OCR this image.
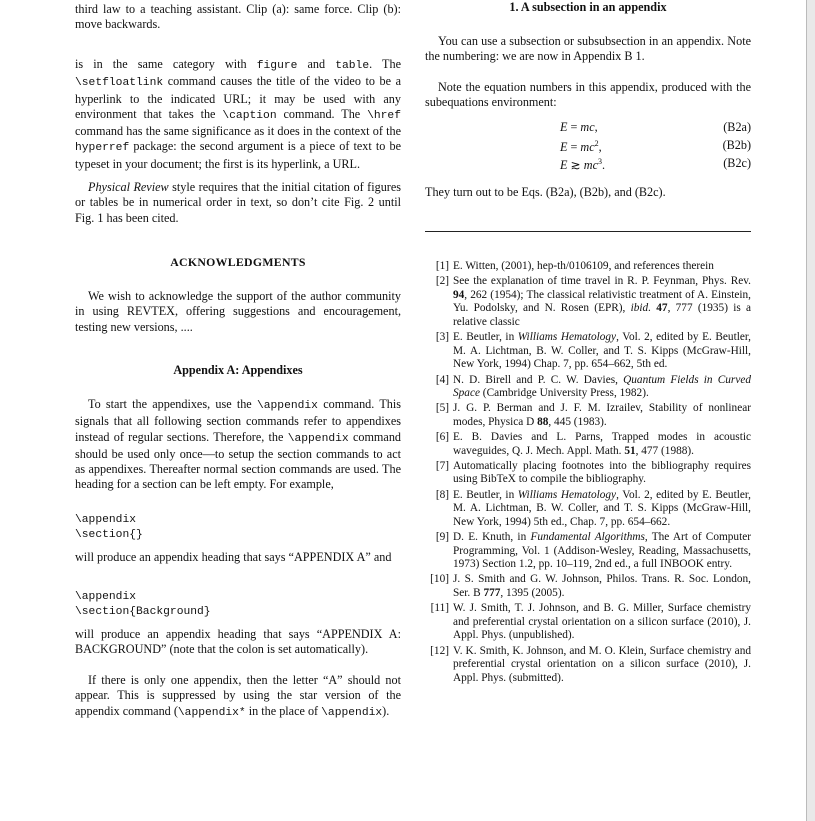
third law to a teaching assistant. Clip (a): same force. Clip (b): move backwards.

is in the same category with figure and table. The \setfloatlink command causes the title of the video to be a hyperlink to the indicated URL; it may be used with any environment that takes the \caption command. The \href command has the same significance as it does in the context of the hyperref package: the second argument is a piece of text to be typeset in your document; the first is its hyperlink, a URL.

Physical Review style requires that the initial citation of figures or tables be in numerical order in text, so don’t cite Fig. 2 until Fig. 1 has been cited.

ACKNOWLEDGMENTS

We wish to acknowledge the support of the author community in using REVTEX, offering suggestions and encouragement, testing new versions, ....

Appendix A: Appendixes

To start the appendixes, use the \appendix command. This signals that all following section commands refer to appendixes instead of regular sections. Therefore, the \appendix command should be used only once—to setup the section commands to act as appendixes. Thereafter normal section commands are used. The heading for a section can be left empty. For example,

\appendix
\section{}

will produce an appendix heading that says “APPENDIX A” and

\appendix
\section{Background}

will produce an appendix heading that says “APPENDIX A: BACKGROUND” (note that the colon is set automatically).

If there is only one appendix, then the letter “A” should not appear. This is suppressed by using the star version of the appendix command (\appendix* in the place of \appendix).

1. A subsection in an appendix

You can use a subsection or subsubsection in an appendix. Note the numbering: we are now in Appendix B 1.

Note the equation numbers in this appendix, produced with the subequations environment:

E = mc,	(B2a)
$E = mc^2$,	(B2b)
E ≳ $mc^3$.	(B2c)

They turn out to be Eqs. (B2a), (B2b), and (B2c).

[1] E. Witten, (2001), hep-th/0106109, and references therein
[2] See the explanation of time travel in R. P. Feynman, Phys. Rev. 94, 262 (1954); The classical relativistic treatment of A. Einstein, Yu. Podolsky, and N. Rosen (EPR), ibid. 47, 777 (1935) is a relative classic
[3] E. Beutler, in Williams Hematology, Vol. 2, edited by E. Beutler, M. A. Lichtman, B. W. Coller, and T. S. Kipps (McGraw-Hill, New York, 1994) Chap. 7, pp. 654–662, 5th ed.
[4] N. D. Birell and P. C. W. Davies, Quantum Fields in Curved Space (Cambridge University Press, 1982).
[5] J. G. P. Berman and J. F. M. Izrailev, Stability of nonlinear modes, Physica D 88, 445 (1983).
[6] E. B. Davies and L. Parns, Trapped modes in acoustic waveguides, Q. J. Mech. Appl. Math. 51, 477 (1988).
[7] Automatically placing footnotes into the bibliography requires using BibTeX to compile the bibliography.
[8] E. Beutler, in Williams Hematology, Vol. 2, edited by E. Beutler, M. A. Lichtman, B. W. Coller, and T. S. Kipps (McGraw-Hill, New York, 1994) 5th ed., Chap. 7, pp. 654–662.
[9] D. E. Knuth, in Fundamental Algorithms, The Art of Computer Programming, Vol. 1 (Addison-Wesley, Reading, Massachusetts, 1973) Section 1.2, pp. 10–119, 2nd ed., a full INBOOK entry.
[10] J. S. Smith and G. W. Johnson, Philos. Trans. R. Soc. London, Ser. B 777, 1395 (2005).
[11] W. J. Smith, T. J. Johnson, and B. G. Miller, Surface chemistry and preferential crystal orientation on a silicon surface (2010), J. Appl. Phys. (unpublished).
[12] V. K. Smith, K. Johnson, and M. O. Klein, Surface chemistry and preferential crystal orientation on a silicon surface (2010), J. Appl. Phys. (submitted).
